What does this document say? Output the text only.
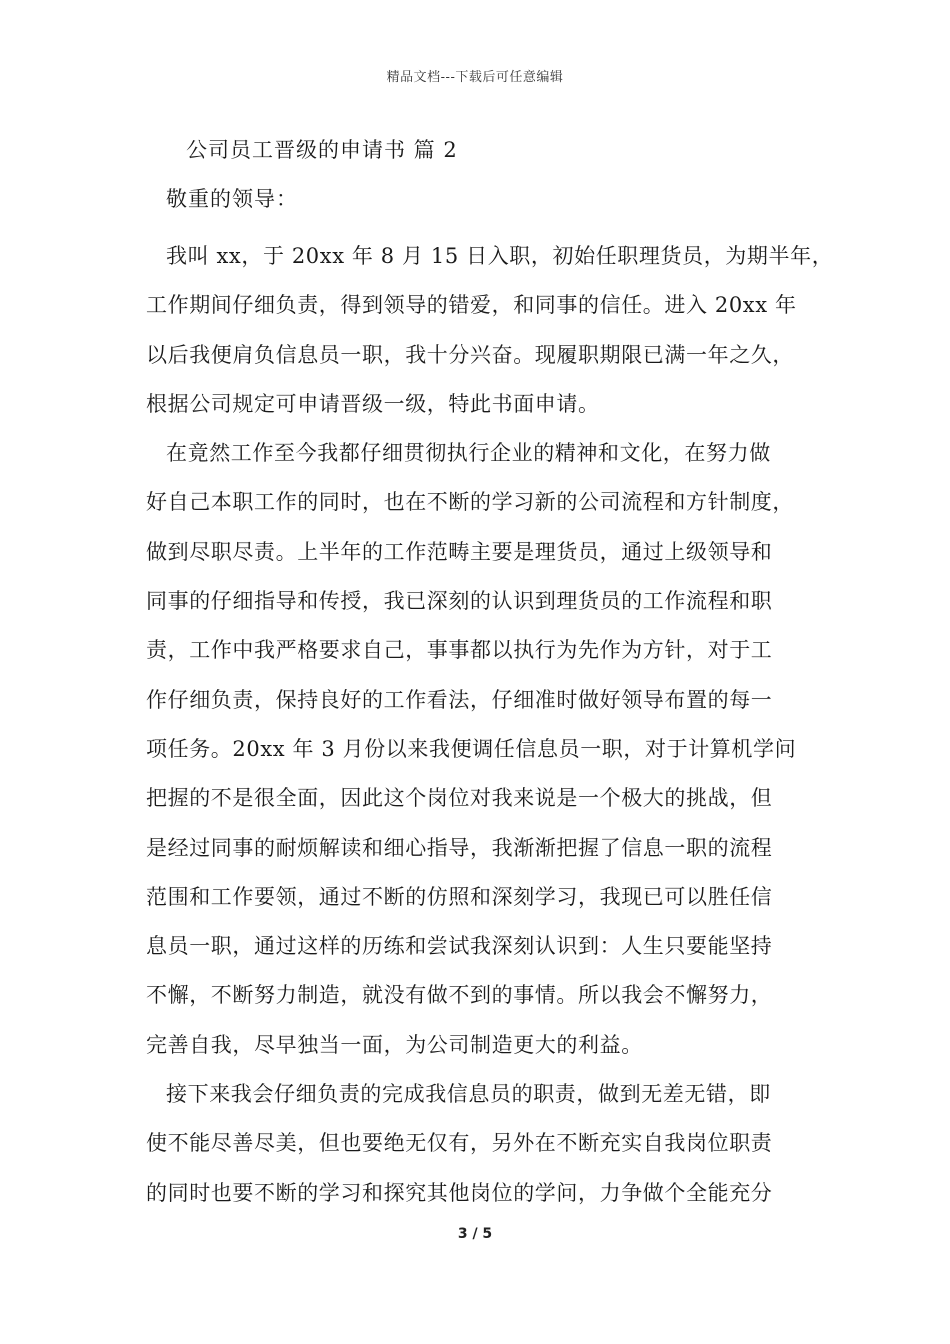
精品文档---下载后可任意编辑
公司员工晋级的申请书 篇 2
敬重的领导：
我叫 xx，于 20xx 年 8 月 15 日入职，初始任职理货员，为期半年，
工作期间仔细负责，得到领导的错爱，和同事的信任。进入 20xx 年
以后我便肩负信息员一职，我十分兴奋。现履职期限已满一年之久，
根据公司规定可申请晋级一级，特此书面申请。
在竟然工作至今我都仔细贯彻执行企业的精神和文化，在努力做
好自己本职工作的同时，也在不断的学习新的公司流程和方针制度，
做到尽职尽责。上半年的工作范畴主要是理货员，通过上级领导和
同事的仔细指导和传授，我已深刻的认识到理货员的工作流程和职
责，工作中我严格要求自己，事事都以执行为先作为方针，对于工
作仔细负责，保持良好的工作看法，仔细准时做好领导布置的每一
项任务。20xx 年 3 月份以来我便调任信息员一职，对于计算机学问
把握的不是很全面，因此这个岗位对我来说是一个极大的挑战，但
是经过同事的耐烦解读和细心指导，我渐渐把握了信息一职的流程
范围和工作要领，通过不断的仿照和深刻学习，我现已可以胜任信
息员一职，通过这样的历练和尝试我深刻认识到：人生只要能坚持
不懈，不断努力制造，就没有做不到的事情。所以我会不懈努力，
完善自我，尽早独当一面，为公司制造更大的利益。
接下来我会仔细负责的完成我信息员的职责，做到无差无错，即
使不能尽善尽美，但也要绝无仅有，另外在不断充实自我岗位职责
的同时也要不断的学习和探究其他岗位的学问，力争做个全能充分
3 / 5
